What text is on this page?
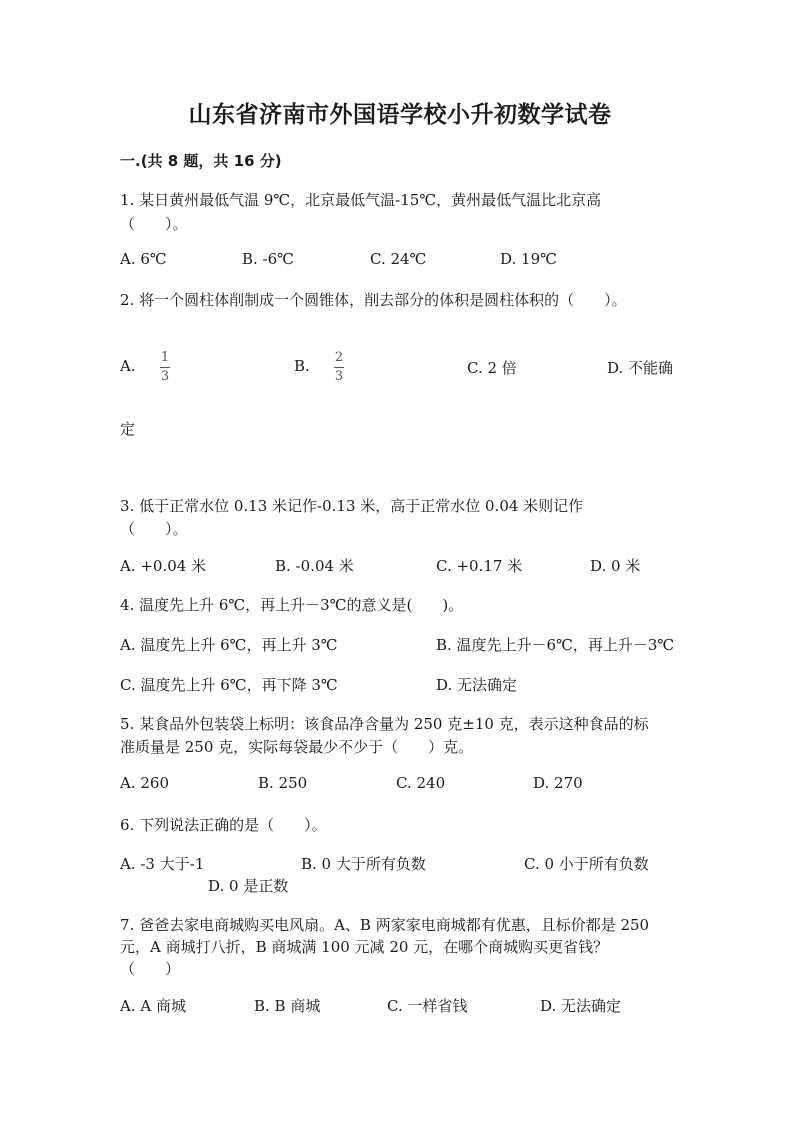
山东省济南市外国语学校小升初数学试卷
一.(共 8 题，共 16 分)
1. 某日黄州最低气温 9℃，北京最低气温-15℃，黄州最低气温比北京高
（　　）。
A. 6℃	B. -6℃	C. 24℃	D. 19℃
2. 将一个圆柱体削制成一个圆锥体，削去部分的体积是圆柱体积的（　　）。
A. 1
3
B. 2
3	C. 2 倍	D. 不能确
定
3. 低于正常水位 0.13 米记作-0.13 米，高于正常水位 0.04 米则记作
（　　）。
A. +0.04 米	B. -0.04 米	C. +0.17 米	D. 0 米
4. 温度先上升 6℃，再上升－3℃的意义是(　　)。
A. 温度先上升 6℃，再上升 3℃	B. 温度先上升－6℃，再上升－3℃
C. 温度先上升 6℃，再下降 3℃	D. 无法确定
5. 某食品外包装袋上标明：该食品净含量为 250 克±10 克，表示这种食品的标
准质量是 250 克，实际每袋最少不少于（　　）克。
A. 260	B. 250	C. 240	D. 270
6. 下列说法正确的是（　　）。
A. -3 大于-1	B. 0 大于所有负数	C. 0 小于所有负数
D. 0 是正数
7. 爸爸去家电商城购买电风扇。A、B 两家家电商城都有优惠，且标价都是 250
元，A 商城打八折，B 商城满 100 元减 20 元，在哪个商城购买更省钱？
（　　）
A. A 商城	B. B 商城	C. 一样省钱	D. 无法确定
